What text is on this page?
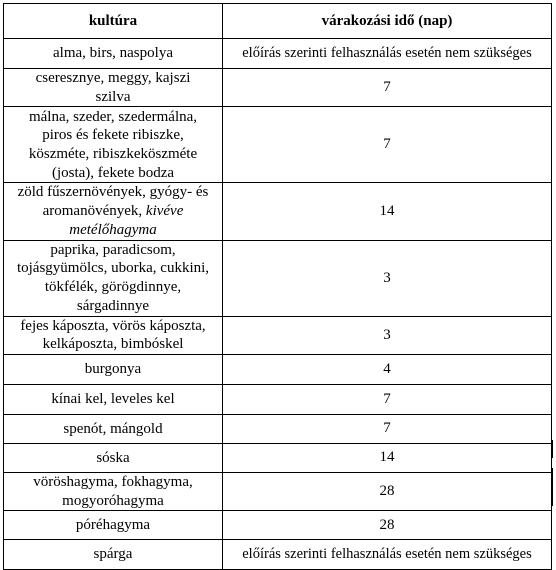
kultúra	várakozási idő (nap)
alma, birs, naspolya	előírás szerinti felhasználás esetén nem szükséges

cseresznye, meggy, kajszi szilva	7

málna, szeder, szedermálna, piros és fekete ribiszke, köszméte, ribiszkeköszméte (josta), fekete bodza	7

zöld fűszernövények, gyógy- és aromanövények, kivéve metélőhagyma	14

paprika, paradicsom, tojásgyümölcs, uborka, cukkini, tökfélék, görögdinnye, sárgadinnye	3
fejes káposzta, vörös káposzta, kelkáposzta, bimbóskel	3
burgonya	4
kínai kel, leveles kel	7
spenót, mángold	7
sóska	14

vöröshagyma, fokhagyma, mogyoróhagyma	28
póréhagyma	28
spárga	előírás szerinti felhasználás esetén nem szükséges
